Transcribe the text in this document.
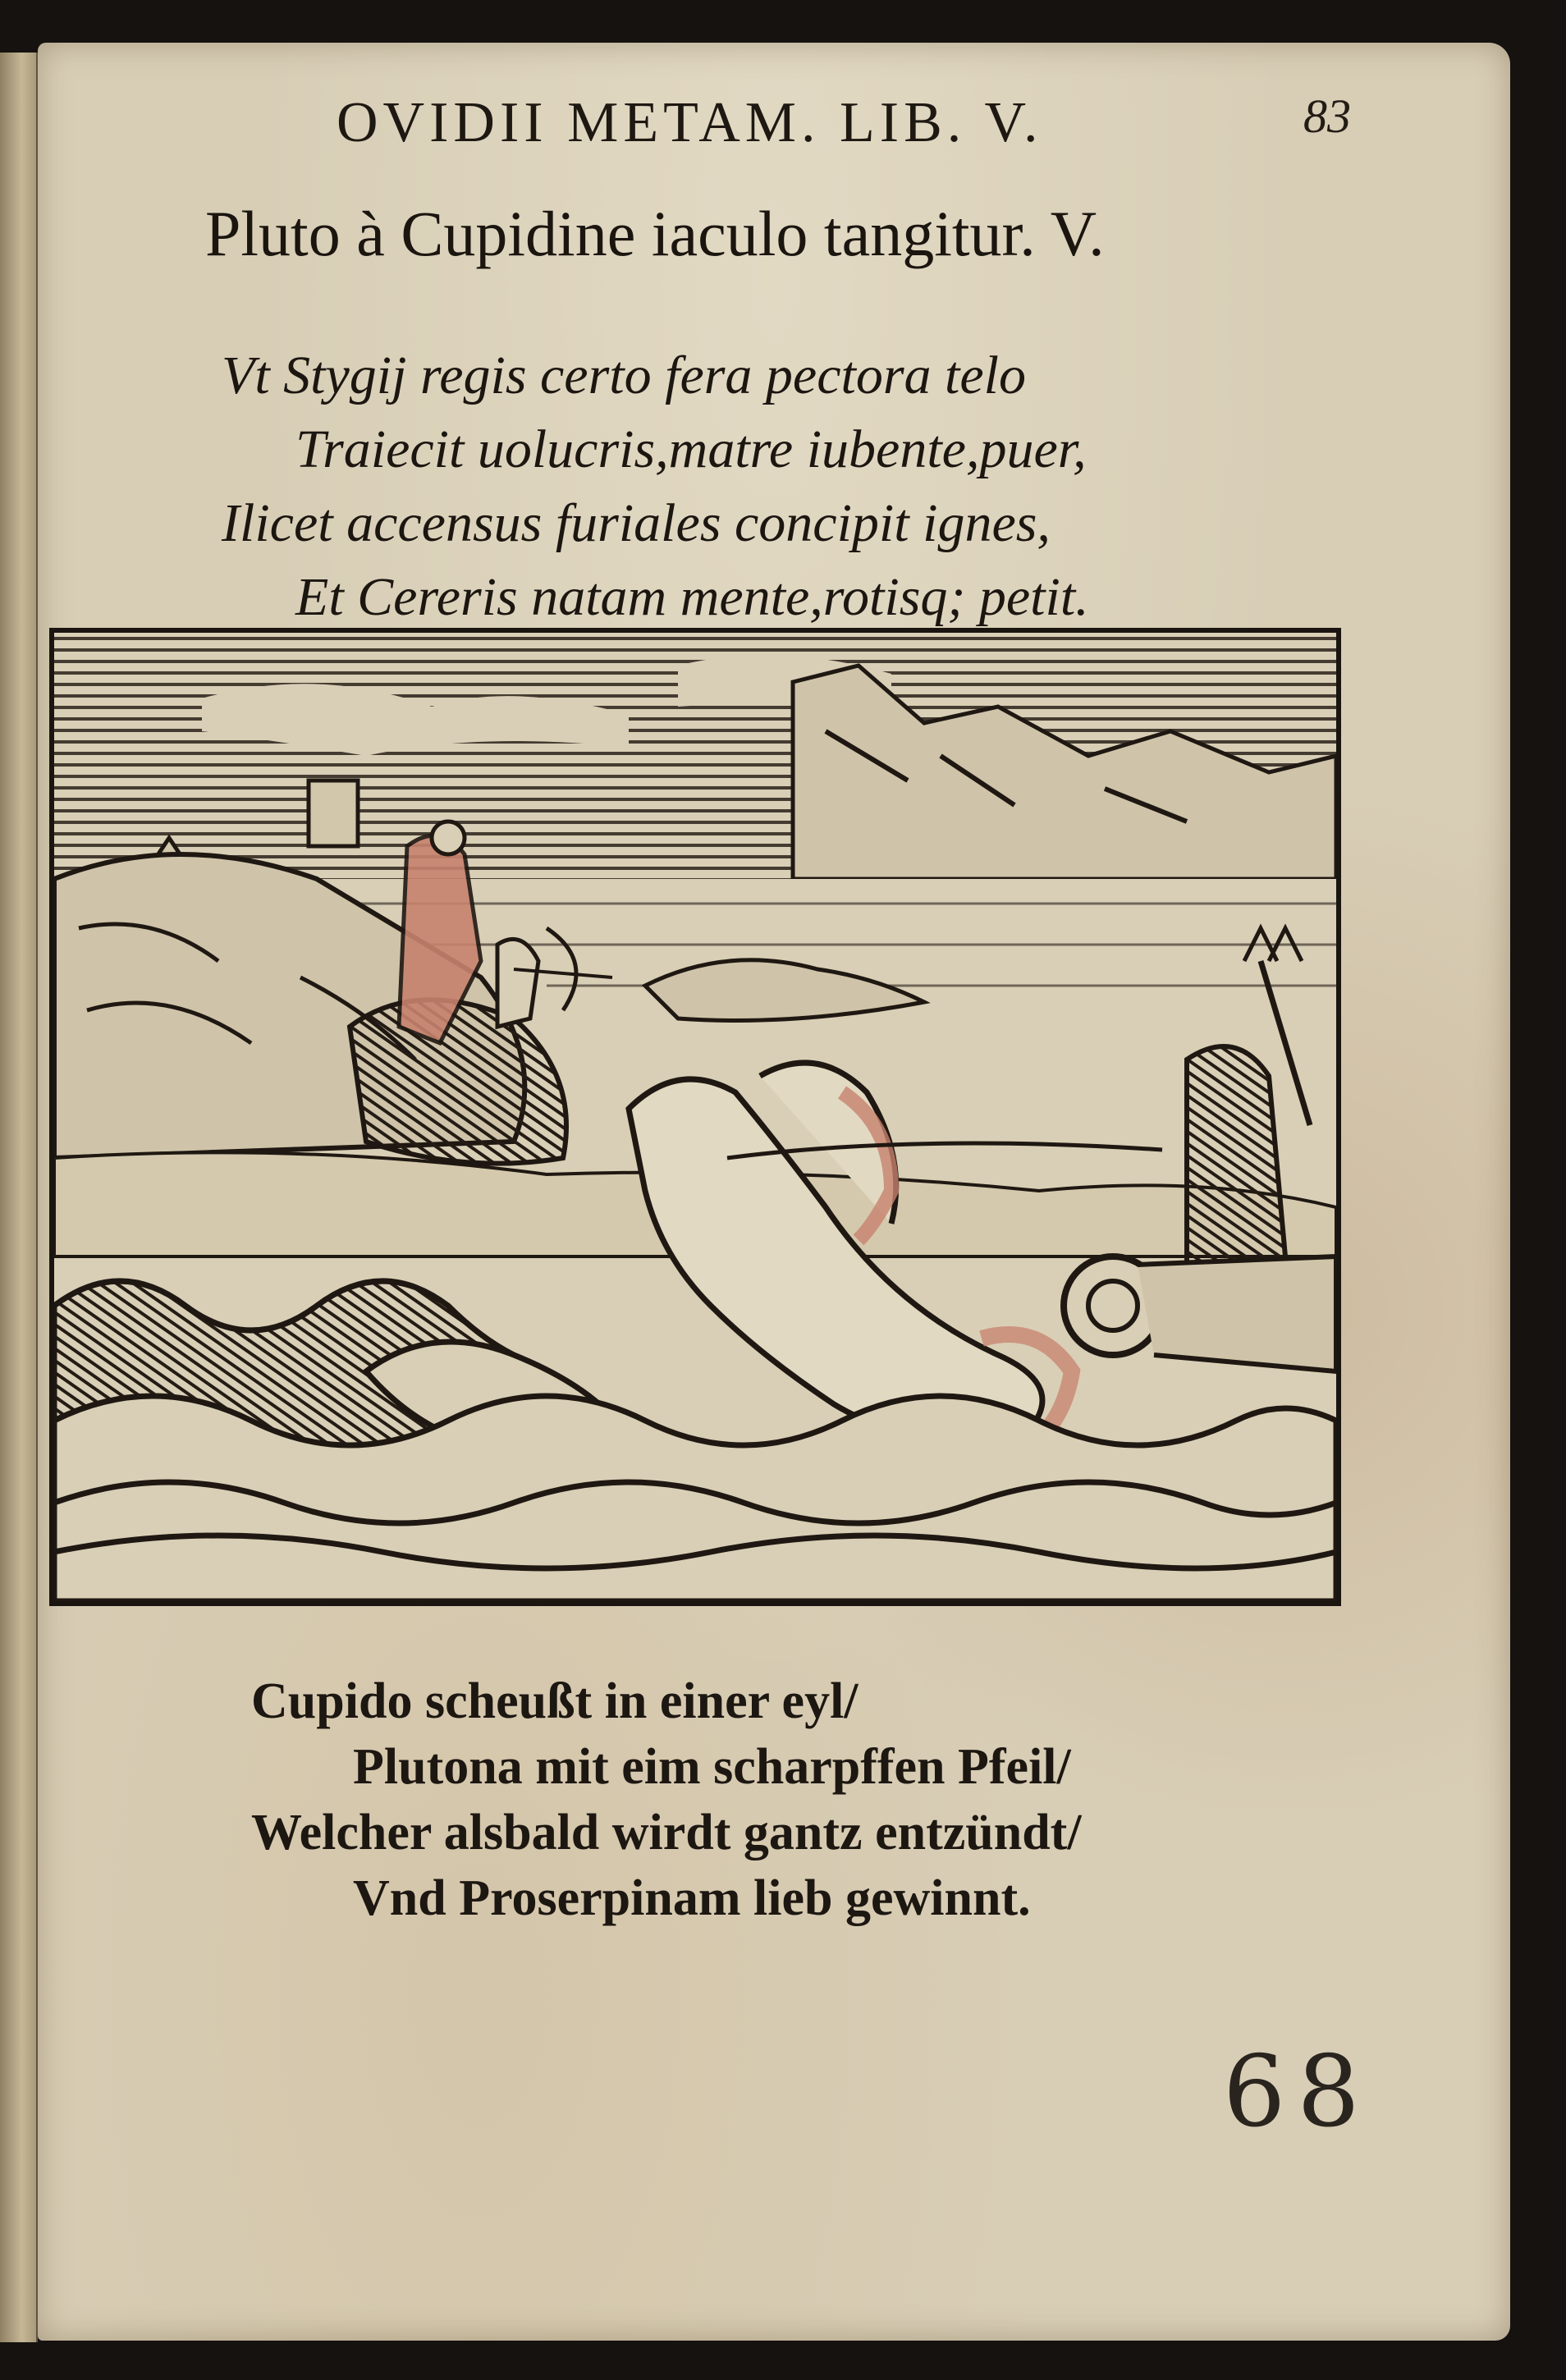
OVIDII METAM. LIB. V.	83
Pluto à Cupidine iaculo tangitur. V.
Vt Stygij regis certo fera pectora telo
Traiecit uolucris,matre iubente,puer,
Ilicet accensus furiales concipit ignes,
Et Cereris natam mente,rotisq; petit.
Cupido scheußt in einer eyl/
Plutona mit eim scharpffen Pfeil/
Welcher alsbald wirdt gantz entzündt/
Vnd Proserpinam lieb gewinnt.
68
